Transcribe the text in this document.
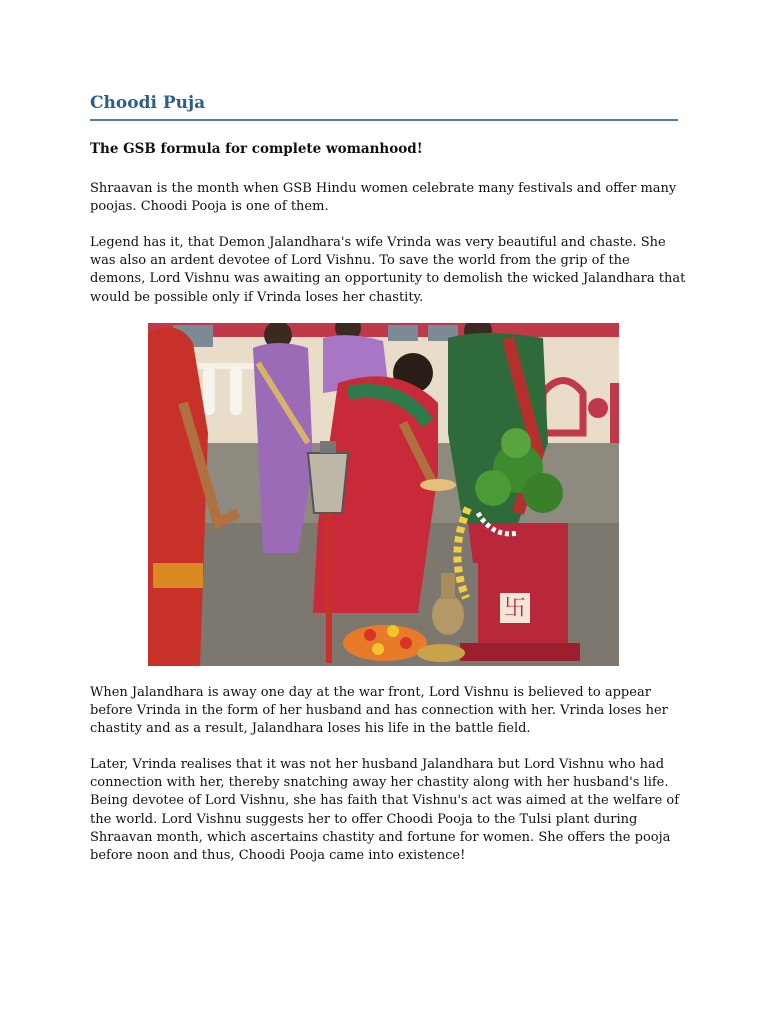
Choodi Puja

The GSB formula for complete womanhood!

Shraavan is the month when GSB Hindu women celebrate many festivals and offer many poojas. Choodi Pooja is one of them.

Legend has it, that Demon Jalandhara's wife Vrinda was very beautiful and chaste. She was also an ardent devotee of Lord Vishnu. To save the world from the grip of the demons, Lord Vishnu was awaiting an opportunity to demolish the wicked Jalandhara that would be possible only if Vrinda loses her chastity.

卐

When Jalandhara is away one day at the war front, Lord Vishnu is believed to appear before Vrinda in the form of her husband and has connection with her. Vrinda loses her chastity and as a result, Jalandhara loses his life in the battle field.

Later, Vrinda realises that it was not her husband Jalandhara but Lord Vishnu who had connection with her, thereby snatching away her chastity along with her husband's life. Being devotee of Lord Vishnu, she has faith that Vishnu's act was aimed at the welfare of the world. Lord Vishnu suggests her to offer Choodi Pooja to the Tulsi plant during Shraavan month, which ascertains chastity and fortune for women. She offers the pooja before noon and thus, Choodi Pooja came into existence!
